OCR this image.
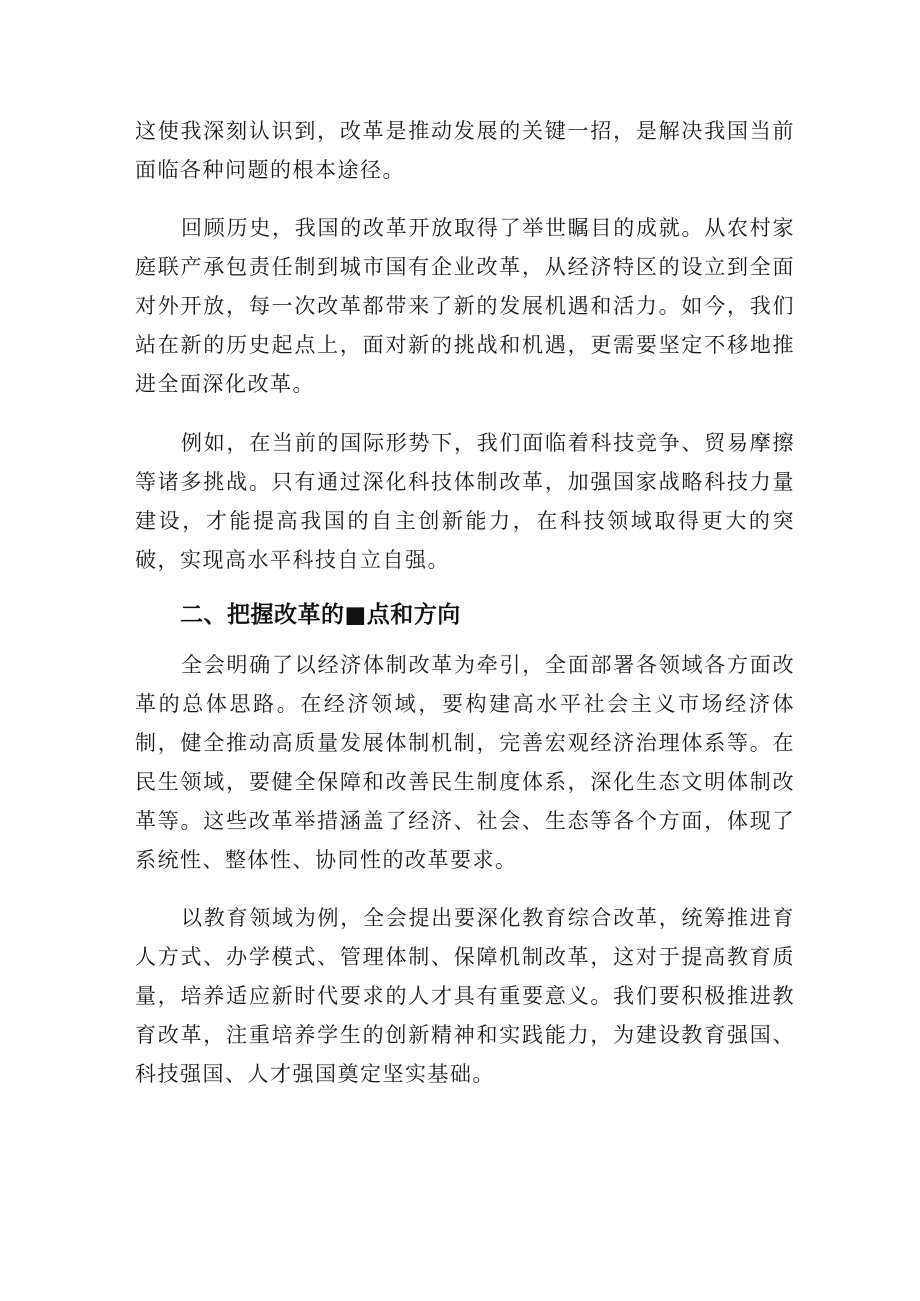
这使我深刻认识到，改革是推动发展的关键一招，是解决我国当前面临各种问题的根本途径。

回顾历史，我国的改革开放取得了举世瞩目的成就。从农村家庭联产承包责任制到城市国有企业改革，从经济特区的设立到全面对外开放，每一次改革都带来了新的发展机遇和活力。如今，我们站在新的历史起点上，面对新的挑战和机遇，更需要坚定不移地推进全面深化改革。

例如，在当前的国际形势下，我们面临着科技竞争、贸易摩擦等诸多挑战。只有通过深化科技体制改革，加强国家战略科技力量建设，才能提高我国的自主创新能力，在科技领域取得更大的突破，实现高水平科技自立自强。

二、把握改革的■点和方向

全会明确了以经济体制改革为牵引，全面部署各领域各方面改革的总体思路。在经济领域，要构建高水平社会主义市场经济体制，健全推动高质量发展体制机制，完善宏观经济治理体系等。在民生领域，要健全保障和改善民生制度体系，深化生态文明体制改革等。这些改革举措涵盖了经济、社会、生态等各个方面，体现了系统性、整体性、协同性的改革要求。

以教育领域为例，全会提出要深化教育综合改革，统筹推进育人方式、办学模式、管理体制、保障机制改革，这对于提高教育质量，培养适应新时代要求的人才具有重要意义。我们要积极推进教育改革，注重培养学生的创新精神和实践能力，为建设教育强国、科技强国、人才强国奠定坚实基础。
